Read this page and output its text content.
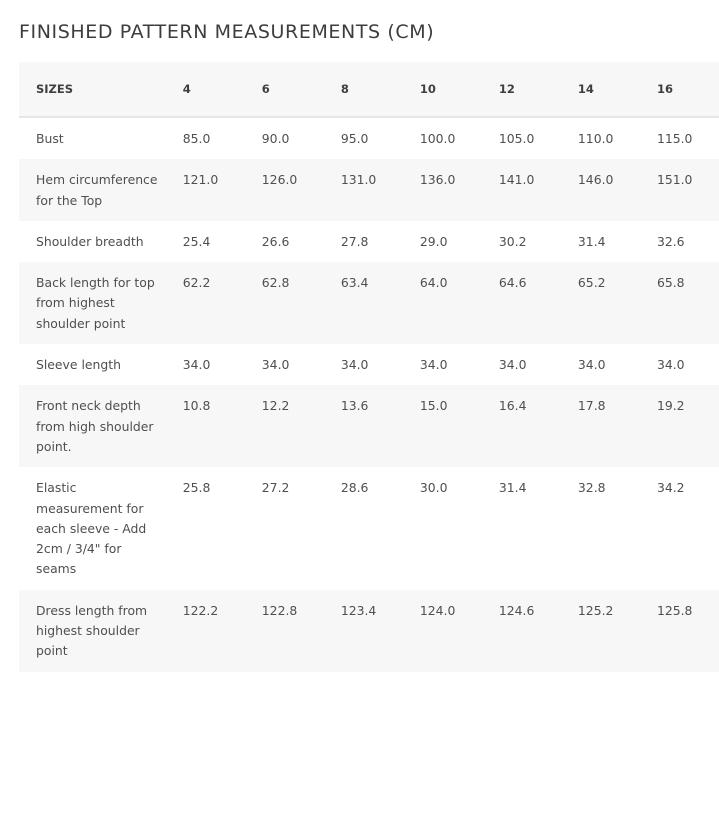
FINISHED PATTERN MEASUREMENTS (CM)
SIZES	4	6	8	10	12	14	16
Bust	85.0	90.0	95.0	100.0	105.0	110.0	115.0
Hem circumference for the Top	121.0	126.0	131.0	136.0	141.0	146.0	151.0
Shoulder breadth	25.4	26.6	27.8	29.0	30.2	31.4	32.6
Back length for top from highest shoulder point	62.2	62.8	63.4	64.0	64.6	65.2	65.8
Sleeve length	34.0	34.0	34.0	34.0	34.0	34.0	34.0
Front neck depth from high shoulder point.	10.8	12.2	13.6	15.0	16.4	17.8	19.2
Elastic measurement for each sleeve - Add 2cm / 3/4" for seams	25.8	27.2	28.6	30.0	31.4	32.8	34.2
Dress length from highest shoulder point	122.2	122.8	123.4	124.0	124.6	125.2	125.8
